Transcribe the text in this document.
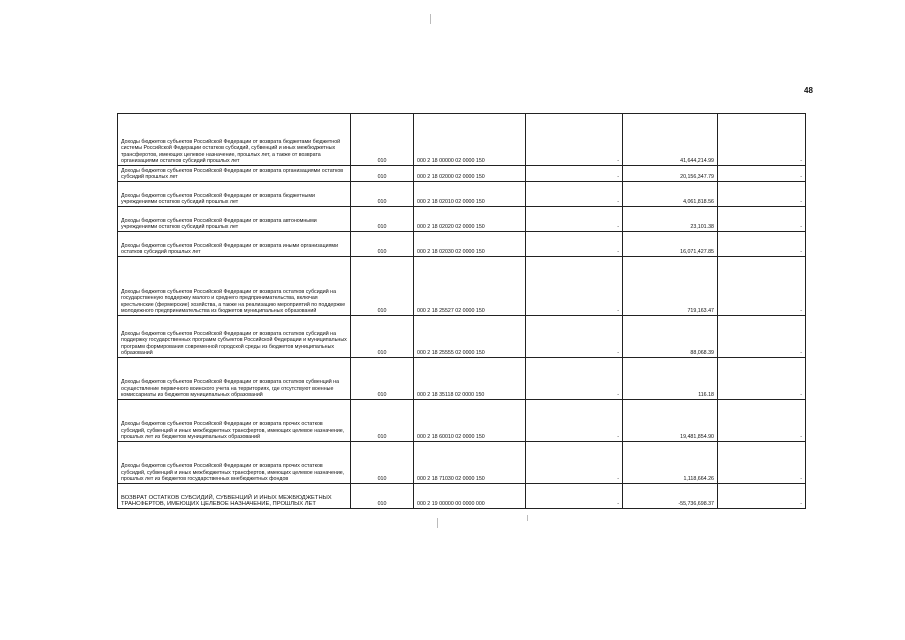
48
Доходы бюджетов субъектов Российской Федерации от возврата бюджетами бюджетной системы Российской Федерации остатков субсидий, субвенций и иных межбюджетных трансферотов, имеющих целевое назначение, прошлых лет, а также от возврата организациями остатков субсидий прошлых лет	010	000 2 18 00000 02 0000 150	-	41,644,214.99	-
Доходы бюджетов субъектов Российской Федерации от возврата организациями остатков субсидий прошлых лет	010	000 2 18 02000 02 0000 150	-	20,156,347.79	-
Доходы бюджетов субъектов Российской Федерации от возврата бюджетными учреждениями остатков субсидий прошлых лет	010	000 2 18 02010 02 0000 150	-	4,061,818.56	-
Доходы бюджетов субъектов Российской Федерации от возврата автономными учреждениями остатков субсидий прошлых лет	010	000 2 18 02020 02 0000 150	-	23,101.38	-
Доходы бюджетов субъектов Российской Федерации от возврата иными организациями остатков субсидий прошлых лет	010	000 2 18 02030 02 0000 150	-	16,071,427.85	-
Доходы бюджетов субъектов Российской Федерации от возврата остатков субсидий на государственную поддержку малого и среднего предпринимательства, включая крестьянские (фермерские) хозяйства, а также на реализацию мероприятий по поддержке молодежного предпринимательства из бюджетов муниципальных образований	010	000 2 18 25527 02 0000 150	-	719,163.47	-
Доходы бюджетов субъектов Российской Федерации от возврата остатков субсидий на поддержку государственных программ субъектов Российской Федерации и муниципальных программ формирования современной городской среды из бюджетов муниципальных образований	010	000 2 18 25555 02 0000 150	-	88,068.39	-
Доходы бюджетов субъектов Российской Федерации от возврата остатков субвенций на осуществление первичного воинского учета на территориях, где отсутствуют военные комиссариаты из бюджетов муниципальных образований	010	000 2 18 35118 02 0000 150	-	116.18	-
Доходы бюджетов субъектов Российской Федерации от возврата прочих остатков субсидий, субвенций и иных межбюджетных трансфертов, имеющих целевое назначение, прошлых лет из бюджетов муниципальных образований	010	000 2 18 60010 02 0000 150	-	19,481,854.90	-
Доходы бюджетов субъектов Российской Федерации от возврата прочих остатков субсидий, субвенций и иных межбюджетных трансфертов, имеющих целевое назначение, прошлых лет из бюджетов государственных внебюджетных фондов	010	000 2 18 71030 02 0000 150	-	1,118,664.26	-
ВОЗВРАТ ОСТАТКОВ СУБСИДИЙ, СУБВЕНЦИЙ И ИНЫХ МЕЖБЮДЖЕТНЫХ ТРАНСФЕРТОВ, ИМЕЮЩИХ ЦЕЛЕВОЕ НАЗНАЧЕНИЕ, ПРОШЛЫХ ЛЕТ	010	000 2 19 00000 00 0000 000	-	-55,736,698.37	-
